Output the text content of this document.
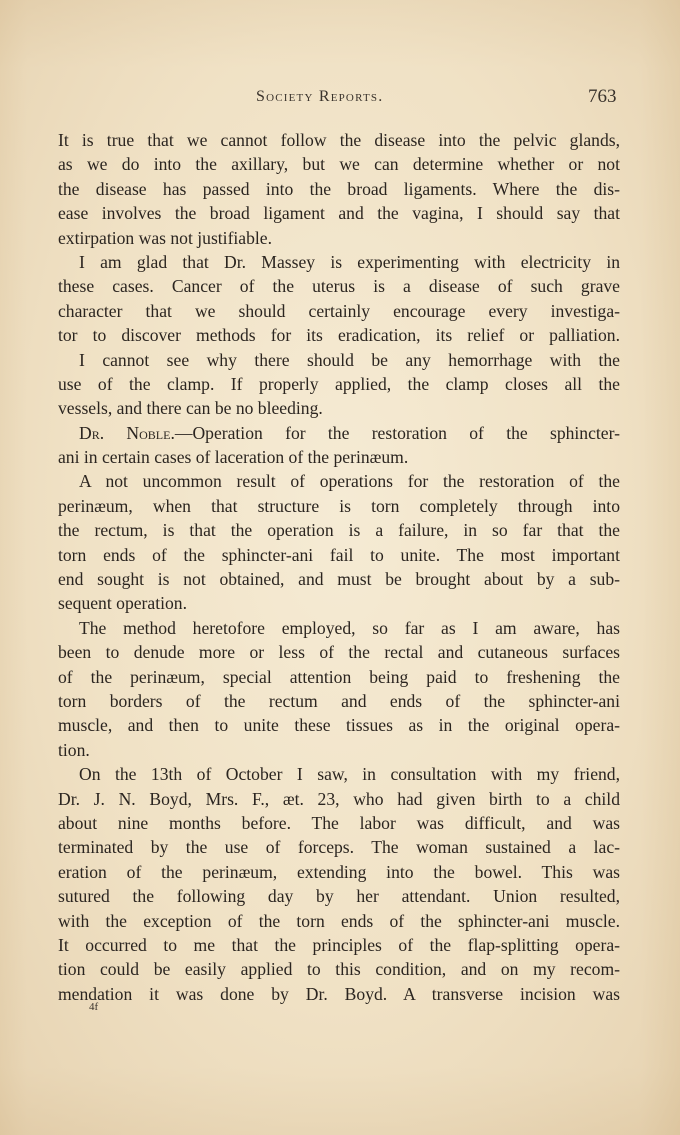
Society Reports.	763
It is true that we cannot follow the disease into the pelvic glands,
as we do into the axillary, but we can determine whether or not
the disease has passed into the broad ligaments. Where the dis-
ease involves the broad ligament and the vagina, I should say that
extirpation was not justifiable.
I am glad that Dr. Massey is experimenting with electricity in
these cases. Cancer of the uterus is a disease of such grave
character that we should certainly encourage every investiga-
tor to discover methods for its eradication, its relief or palliation.
I cannot see why there should be any hemorrhage with the
use of the clamp. If properly applied, the clamp closes all the
vessels, and there can be no bleeding.
Dr. Noble.—Operation for the restoration of the sphincter-
ani in certain cases of laceration of the perinæum.
A not uncommon result of operations for the restoration of the
perinæum, when that structure is torn completely through into
the rectum, is that the operation is a failure, in so far that the
torn ends of the sphincter-ani fail to unite. The most important
end sought is not obtained, and must be brought about by a sub-
sequent operation.
The method heretofore employed, so far as I am aware, has
been to denude more or less of the rectal and cutaneous surfaces
of the perinæum, special attention being paid to freshening the
torn borders of the rectum and ends of the sphincter-ani
muscle, and then to unite these tissues as in the original opera-
tion.
On the 13th of October I saw, in consultation with my friend,
Dr. J. N. Boyd, Mrs. F., æt. 23, who had given birth to a child
about nine months before. The labor was difficult, and was
terminated by the use of forceps. The woman sustained a lac-
eration of the perinæum, extending into the bowel. This was
sutured the following day by her attendant. Union resulted,
with the exception of the torn ends of the sphincter-ani muscle.
It occurred to me that the principles of the flap-splitting opera-
tion could be easily applied to this condition, and on my recom-
mendation it was done by Dr. Boyd. A transverse incision was
4f
